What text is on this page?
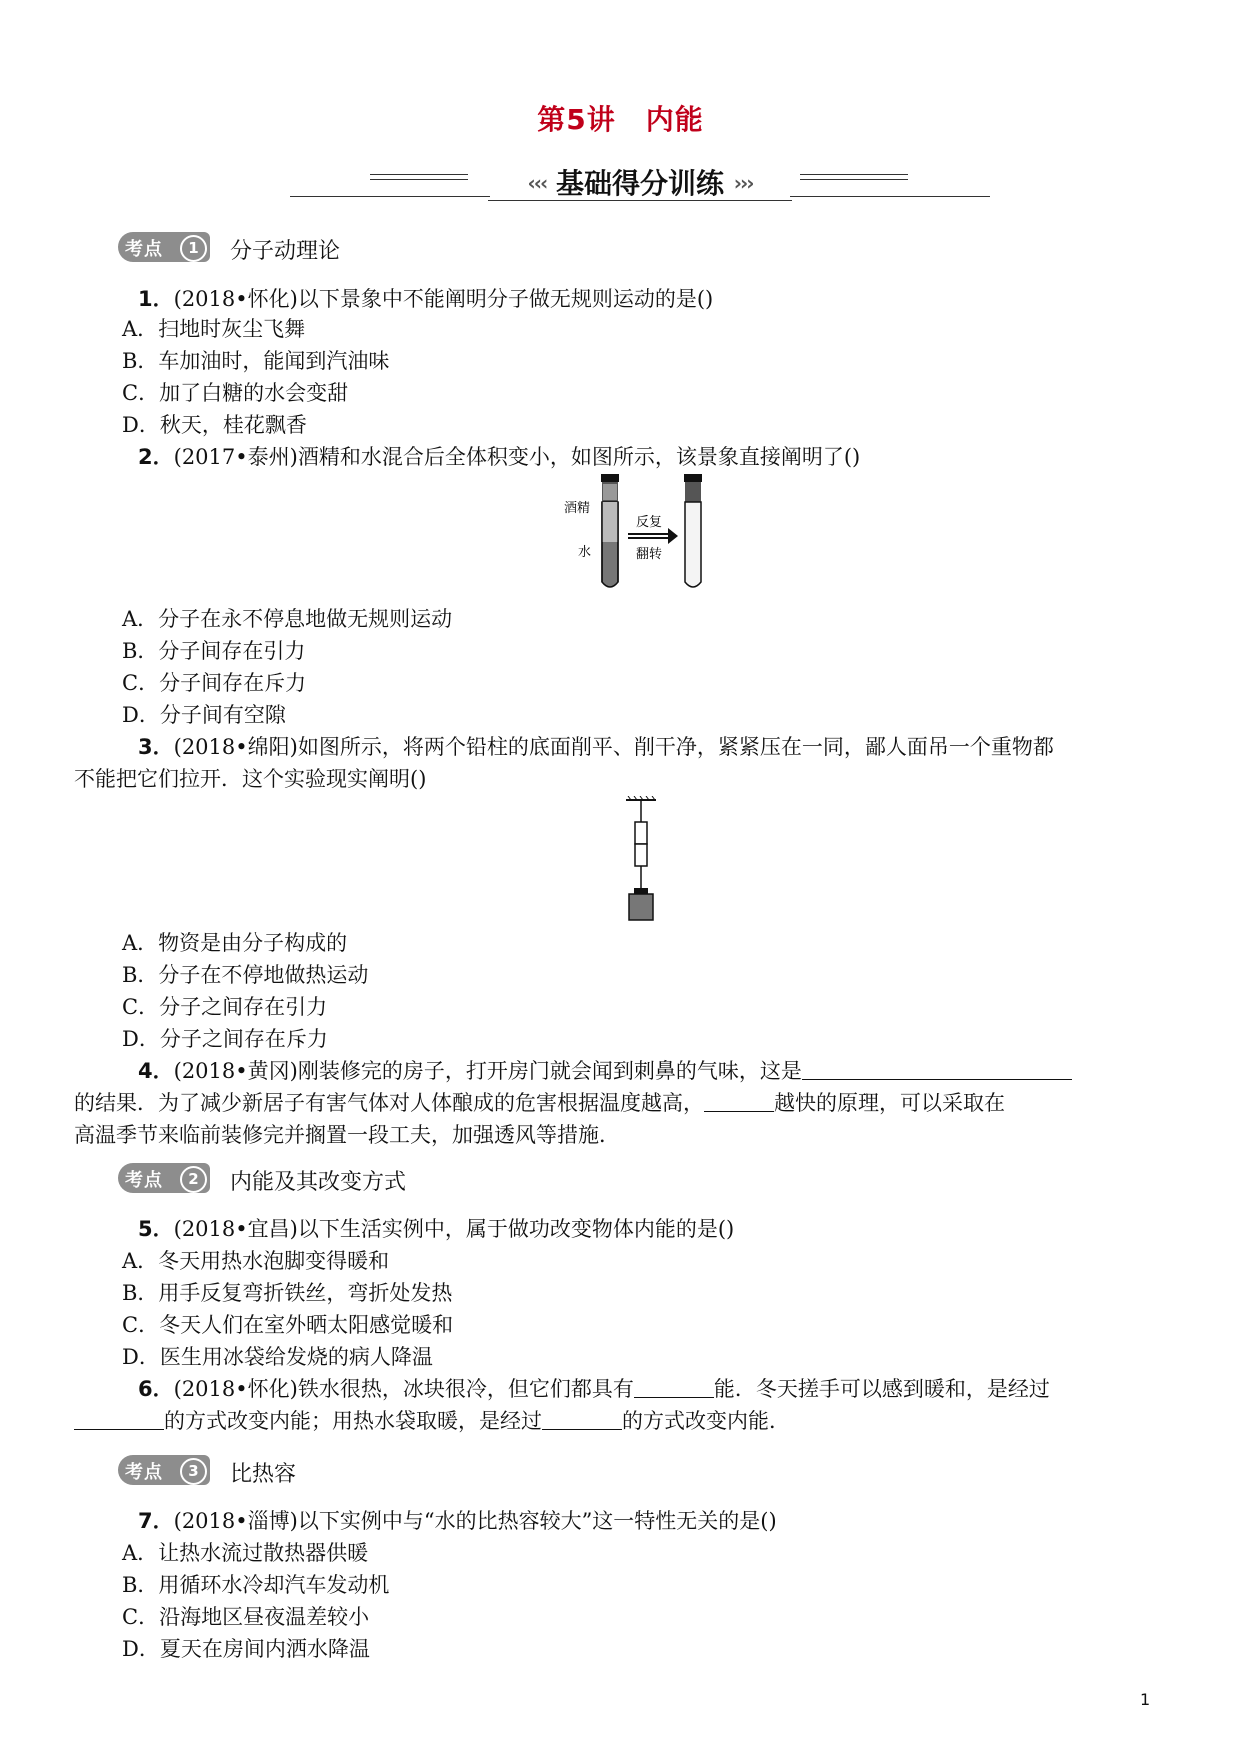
第5讲 内能
‹‹‹ 基础得分训练 ›››
考点	1	分子动理论
1．(2018•怀化)以下景象中不能阐明分子做无规则运动的是()
A．扫地时灰尘飞舞
B．车加油时，能闻到汽油味
C．加了白糖的水会变甜
D．秋天，桂花飘香
2．(2017•泰州)酒精和水混合后全体积变小，如图所示，该景象直接阐明了()
酒精
水
反复
翻转
A．分子在永不停息地做无规则运动
B．分子间存在引力
C．分子间存在斥力
D．分子间有空隙
3．(2018•绵阳)如图所示，将两个铅柱的底面削平、削干净，紧紧压在一同，鄙人面吊一个重物都
不能把它们拉开．这个实验现实阐明()
A．物资是由分子构成的
B．分子在不停地做热运动
C．分子之间存在引力
D．分子之间存在斥力
4．(2018•黄冈)刚装修完的房子，打开房门就会闻到刺鼻的气味，这是
的结果．为了减少新居子有害气体对人体酿成的危害根据温度越高，	越快的原理，可以采取在
高温季节来临前装修完并搁置一段工夫，加强透风等措施．
考点	2	内能及其改变方式
5．(2018•宜昌)以下生活实例中，属于做功改变物体内能的是()
A．冬天用热水泡脚变得暖和
B．用手反复弯折铁丝，弯折处发热
C．冬天人们在室外晒太阳感觉暖和
D．医生用冰袋给发烧的病人降温
6．(2018•怀化)铁水很热，冰块很冷，但它们都具有	能．冬天搓手可以感到暖和，是经过
的方式改变内能；用热水袋取暖，是经过	的方式改变内能．
考点	3	比热容
7．(2018•淄博)以下实例中与“水的比热容较大”这一特性无关的是()
A．让热水流过散热器供暖
B．用循环水冷却汽车发动机
C．沿海地区昼夜温差较小
D．夏天在房间内洒水降温
1
